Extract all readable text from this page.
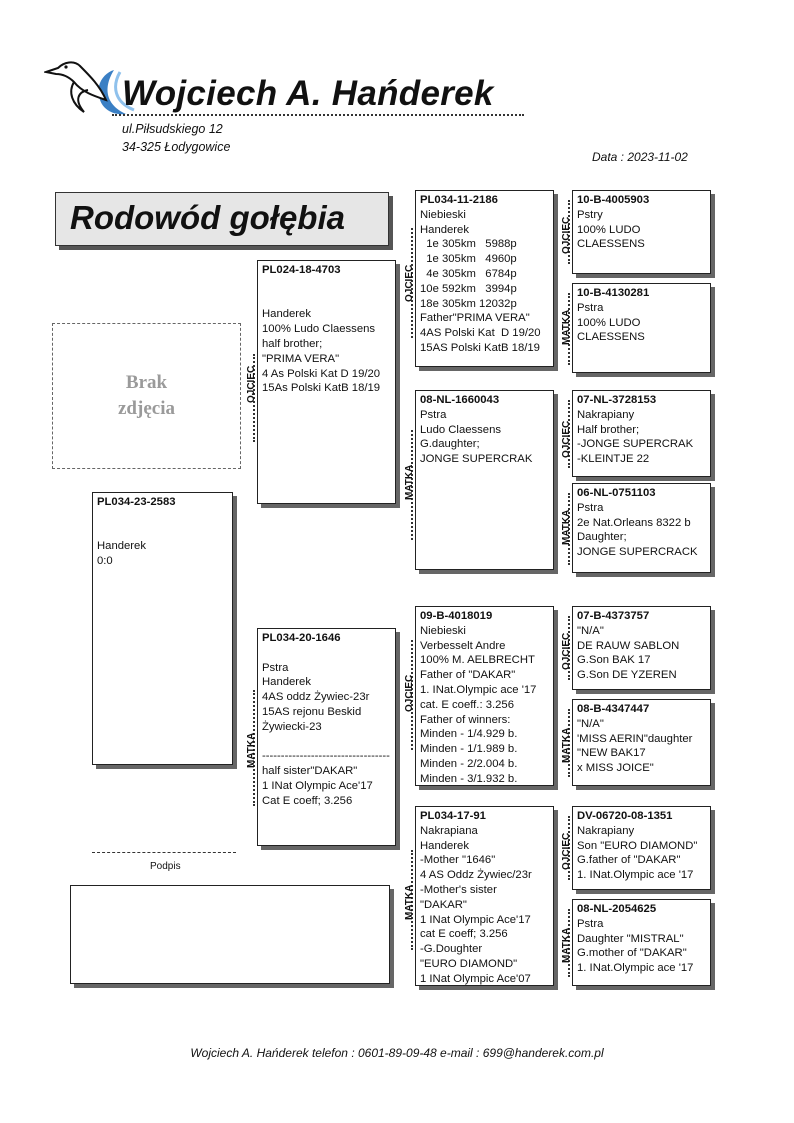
Wojciech A. Hańderek
ul.Piłsudskiego 12
34-325 Łodygowice
Data : 2023-11-02
Rodowód gołębia
Brak
zdjęcia
PL034-23-2583

Handerek
0:0
PL024-18-4703

Handerek
100% Ludo Claessens
half brother;
"PRIMA VERA"
4 As Polski Kat D 19/20
15As Polski KatB 18/19
PL034-20-1646

Pstra
Handerek
4AS oddz Żywiec-23r
15AS rejonu Beskid
Żywiecki-23

----------------------------------
half sister"DAKAR"
1 INat Olympic Ace'17
Cat E coeff; 3.256
PL034-11-2186
Niebieski
Handerek
1e 305km   5988p
1e 305km   4960p
4e 305km   6784p
10e 592km   3994p
18e 305km 12032p
Father"PRIMA VERA"
4AS Polski Kat  D 19/20
15AS Polski KatB 18/19
08-NL-1660043
Pstra
Ludo Claessens
G.daughter;
JONGE SUPERCRAK
09-B-4018019
Niebieski
Verbesselt Andre
100% M. AELBRECHT
Father of "DAKAR"
1. INat.Olympic ace '17
cat. E coeff.: 3.256
Father of winners:
Minden - 1/4.929 b.
Minden - 1/1.989 b.
Minden - 2/2.004 b.
Minden - 3/1.932 b.
PL034-17-91
Nakrapiana
Handerek
-Mother "1646"
4 AS Oddz Żywiec/23r
-Mother's sister
"DAKAR"
1 INat Olympic Ace'17
cat E coeff; 3.256
-G.Doughter
"EURO DIAMOND"
1 INat Olympic Ace'07
10-B-4005903
Pstry
100% LUDO
CLAESSENS
10-B-4130281
Pstra
100% LUDO
CLAESSENS
07-NL-3728153
Nakrapiany
Half brother;
-JONGE SUPERCRAK
-KLEINTJE 22
06-NL-0751103
Pstra
2e Nat.Orleans 8322 b
Daughter;
JONGE SUPERCRACK
07-B-4373757
"N/A"
DE RAUW SABLON
G.Son BAK 17
G.Son DE YZEREN
08-B-4347447
"N/A"
'MISS AERIN"daughter
"NEW BAK17
x MISS JOICE"
DV-06720-08-1351
Nakrapiany
Son "EURO DIAMOND"
G.father of "DAKAR"
1. INat.Olympic ace '17
08-NL-2054625
Pstra
Daughter "MISTRAL"
G.mother of "DAKAR"
1. INat.Olympic ace '17
OJCIEC
MATKA
OJCIEC
MATKA
OJCIEC
MATKA
OJCIEC
MATKA
OJCIEC
MATKA
OJCIEC
MATKA
OJCIEC
MATKA
Podpis
Wojciech A. Hańderek telefon : 0601-89-09-48 e-mail : 699@handerek.com.pl
